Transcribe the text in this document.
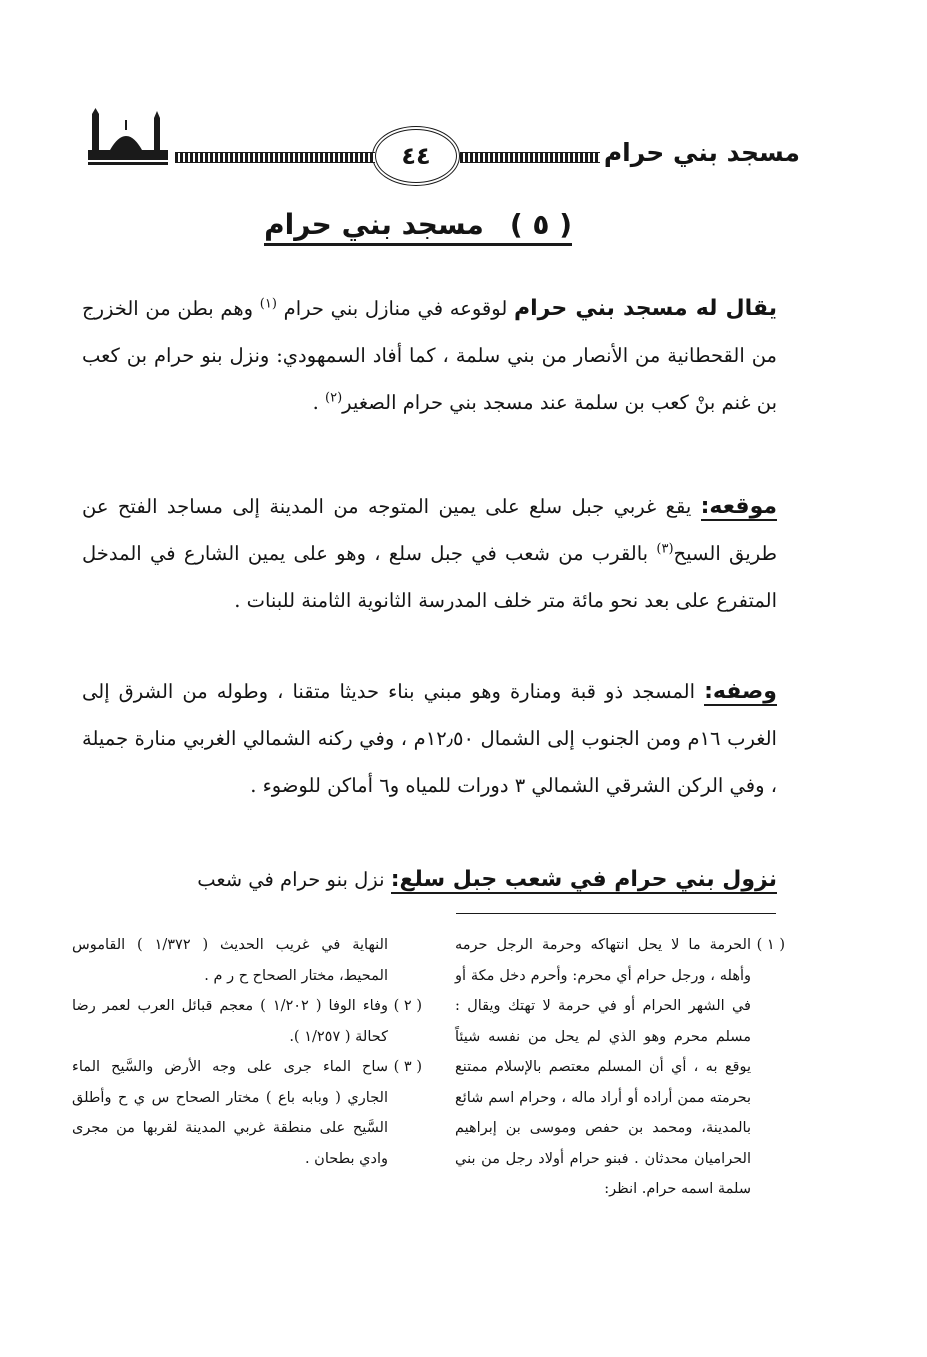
مسجد بني حرام
٤٤
( ٥ )مسجد بني حرام

يقال له مسجد بني حرام لوقوعه في منازل بني حرام $^{(١)}$ وهم بطن من الخزرج من القحطانية من الأنصار من بني سلمة ، كما أفاد السمهودي: ونزل بنو حرام بن كعب بن غنم بنْ كعب بن سلمة عند مسجد بني حرام الصغير$^{(٢)}$ .

موقعه: يقع غربي جبل سلع على يمين المتوجه من المدينة إلى مساجد الفتح عن طريق السيح$^{(٣)}$ بالقرب من شعب في جبل سلع ، وهو على يمين الشارع في المدخل المتفرع على بعد نحو مائة متر خلف المدرسة الثانوية الثامنة للبنات .

وصفه: المسجد ذو قبة ومنارة وهو مبني بناء حديثا متقنا ، وطوله من الشرق إلى الغرب ١٦م ومن الجنوب إلى الشمال ١٢٫٥٠م ، وفي ركنه الشمالي الغربي منارة جميلة ، وفي الركن الشرقي الشمالي ٣ دورات للمياه و٦ أماكن للوضوء .

نزول بني حرام في شعب جبل سلع: نزل بنو حرام في شعب

( ١ )
الحرمة ما لا يحل انتهاكه وحرمة الرجل حرمه وأهله ، ورجل حرام أي محرم: وأحرم دخل مكة أو في الشهر الحرام أو في حرمة لا تهتك ويقال : مسلم محرم وهو الذي لم يحل من نفسه شيئاً يوقع به ، أي أن المسلم معتصم بالإسلام ممتنع بحرمته ممن أراده أو أراد ماله ، وحرام اسم شائع بالمدينة، ومحمد بن حفص وموسى بن إبراهيم الحراميان محدثان . فبنو حرام أولاد رجل من بني سلمة اسمه حرام. انظر:
النهاية في غريب الحديث ( ١/٣٧٢ ) القاموس المحيط، مختار الصحاح ح ر م .
( ٢ )
وفاء الوفا ( ١/٢٠٢ ) معجم قبائل العرب لعمر رضا كحالة ( ١/٢٥٧ ).
( ٣ )
ساح الماء جرى على وجه الأرض والسَّيح الماء الجاري ( وبابه باع ) مختار الصحاح س ي ح وأطلق السَّيح على منطقة غربي المدينة لقربها من مجرى وادي بطحان .
